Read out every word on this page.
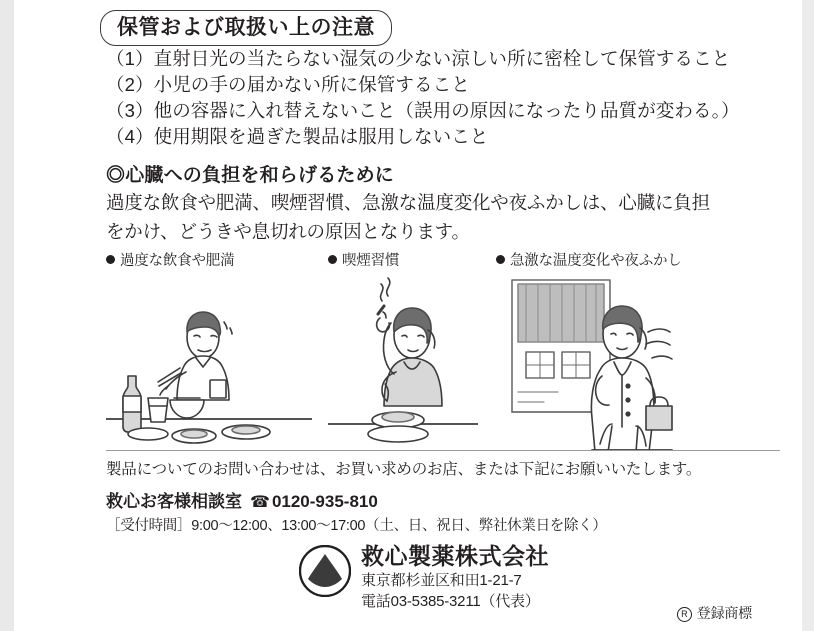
保管および取扱い上の注意
（1）直射日光の当たらない湿気の少ない涼しい所に密栓して保管すること
（2）小児の手の届かない所に保管すること
（3）他の容器に入れ替えないこと（誤用の原因になったり品質が変わる。）
（4）使用期限を過ぎた製品は服用しないこと
◎心臓への負担を和らげるために
過度な飲食や肥満、喫煙習慣、急激な温度変化や夜ふかしは、心臓に負担
をかけ、どうきや息切れの原因となります。
過度な飲食や肥満	喫煙習慣	急激な温度変化や夜ふかし
製品についてのお問い合わせは、お買い求めのお店、または下記にお願いいたします。
救心お客様相談室 ☎ 0120-935-810
［受付時間］9:00〜12:00、13:00〜17:00（土、日、祝日、弊社休業日を除く）
救心製薬株式会社
東京都杉並区和田1-21-7
電話03-5385-3211（代表）
R 登録商標
